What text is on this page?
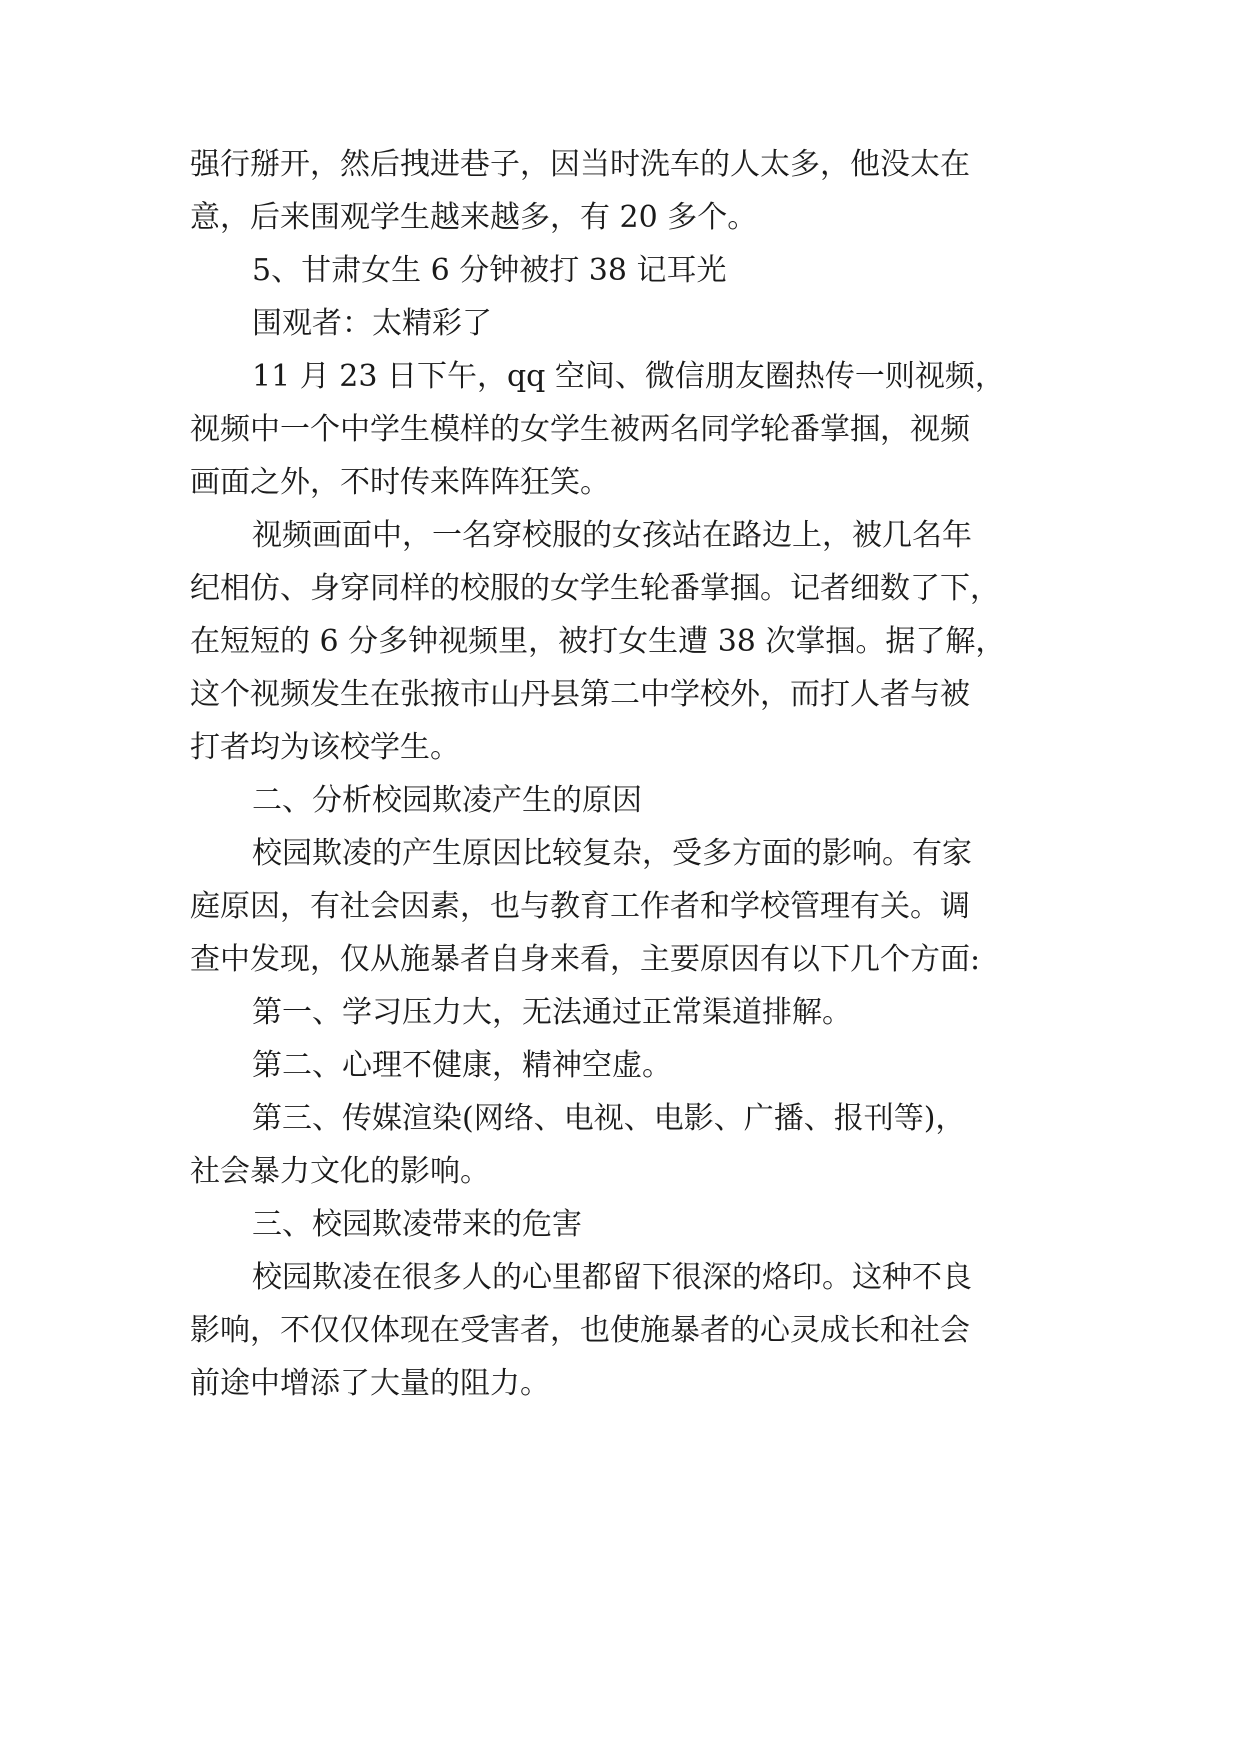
强行掰开，然后拽进巷子，因当时洗车的人太多，他没太在
意，后来围观学生越来越多，有 20 多个。
5、甘肃女生 6 分钟被打 38 记耳光
围观者：太精彩了
11 月 23 日下午，qq 空间、微信朋友圈热传一则视频，
视频中一个中学生模样的女学生被两名同学轮番掌掴，视频
画面之外，不时传来阵阵狂笑。
视频画面中，一名穿校服的女孩站在路边上，被几名年
纪相仿、身穿同样的校服的女学生轮番掌掴。记者细数了下，
在短短的 6 分多钟视频里，被打女生遭 38 次掌掴。据了解，
这个视频发生在张掖市山丹县第二中学校外，而打人者与被
打者均为该校学生。
二、分析校园欺凌产生的原因
校园欺凌的产生原因比较复杂，受多方面的影响。有家
庭原因，有社会因素，也与教育工作者和学校管理有关。调
查中发现，仅从施暴者自身来看，主要原因有以下几个方面:
第一、学习压力大，无法通过正常渠道排解。
第二、心理不健康，精神空虚。
第三、传媒渲染(网络、电视、电影、广播、报刊等)，
社会暴力文化的影响。
三、校园欺凌带来的危害
校园欺凌在很多人的心里都留下很深的烙印。这种不良
影响，不仅仅体现在受害者，也使施暴者的心灵成长和社会
前途中增添了大量的阻力。
